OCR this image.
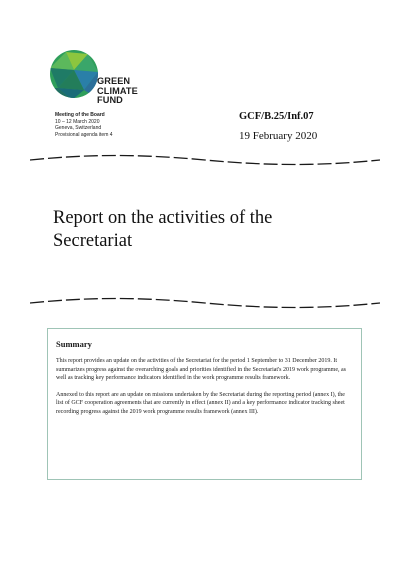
GREEN
CLIMATE
FUND
Meeting of the Board
10 – 12 March 2020
Geneva, Switzerland
Provisional agenda item 4
GCF/B.25/Inf.07
19 February 2020
Report on the activities of the Secretariat
Summary

This report provides an update on the activities of the Secretariat for the period 1 September to 31 December 2019. It summarizes progress against the overarching goals and priorities identified in the Secretariat's 2019 work programme, as well as tracking key performance indicators identified in the work programme results framework.

Annexed to this report are an update on missions undertaken by the Secretariat during the reporting period (annex I), the list of GCF cooperation agreements that are currently in effect (annex II) and a key performance indicator tracking sheet recording progress against the 2019 work programme results framework (annex III).
